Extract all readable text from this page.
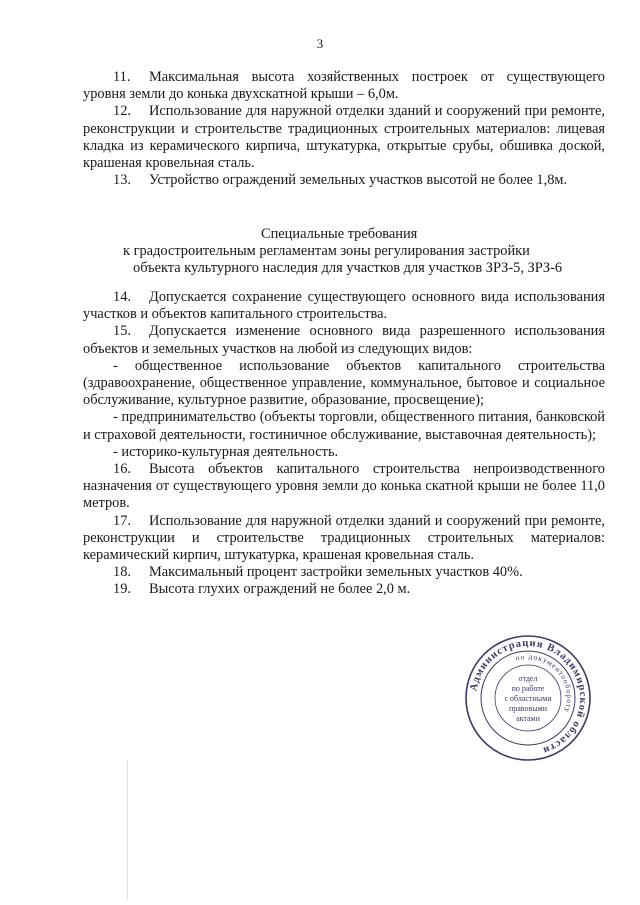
3

11. Максимальная высота хозяйственных построек от существующего уровня земли до конька двухскатной крыши – 6,0м.

12. Использование для наружной отделки зданий и сооружений при ремонте, реконструкции и строительстве традиционных строительных материалов: лицевая кладка из керамического кирпича, штукатурка, открытые срубы, обшивка доской, крашеная кровельная сталь.

13. Устройство ограждений земельных участков высотой не более 1,8м.

Специальные требования
к градостроительным регламентам зоны регулирования застройки
объекта культурного наследия для участков для участков ЗРЗ-5, ЗРЗ-6

14. Допускается сохранение существующего основного вида использования участков и объектов капитального строительства.

15. Допускается изменение основного вида разрешенного использования объектов и земельных участков на любой из следующих видов:

- общественное использование объектов капитального строительства (здравоохранение, общественное управление, коммунальное, бытовое и социальное обслуживание, культурное развитие, образование, просвещение);

- предпринимательство (объекты торговли, общественного питания, банковской и страховой деятельности, гостиничное обслуживание, выставочная деятельность);

- историко-культурная деятельность.

16. Высота объектов капитального строительства непроизводственного назначения от существующего уровня земли до конька скатной крыши не более 11,0 метров.

17. Использование для наружной отделки зданий и сооружений при ремонте, реконструкции и строительстве традиционных строительных материалов: керамический кирпич, штукатурка, крашеная кровельная сталь.

18. Максимальный процент застройки земельных участков 40%.

19. Высота глухих ограждений не более 2,0 м.

Администрация Владимирской области
по документообороту
отдел
по работе
с областными
правовыми
актами
